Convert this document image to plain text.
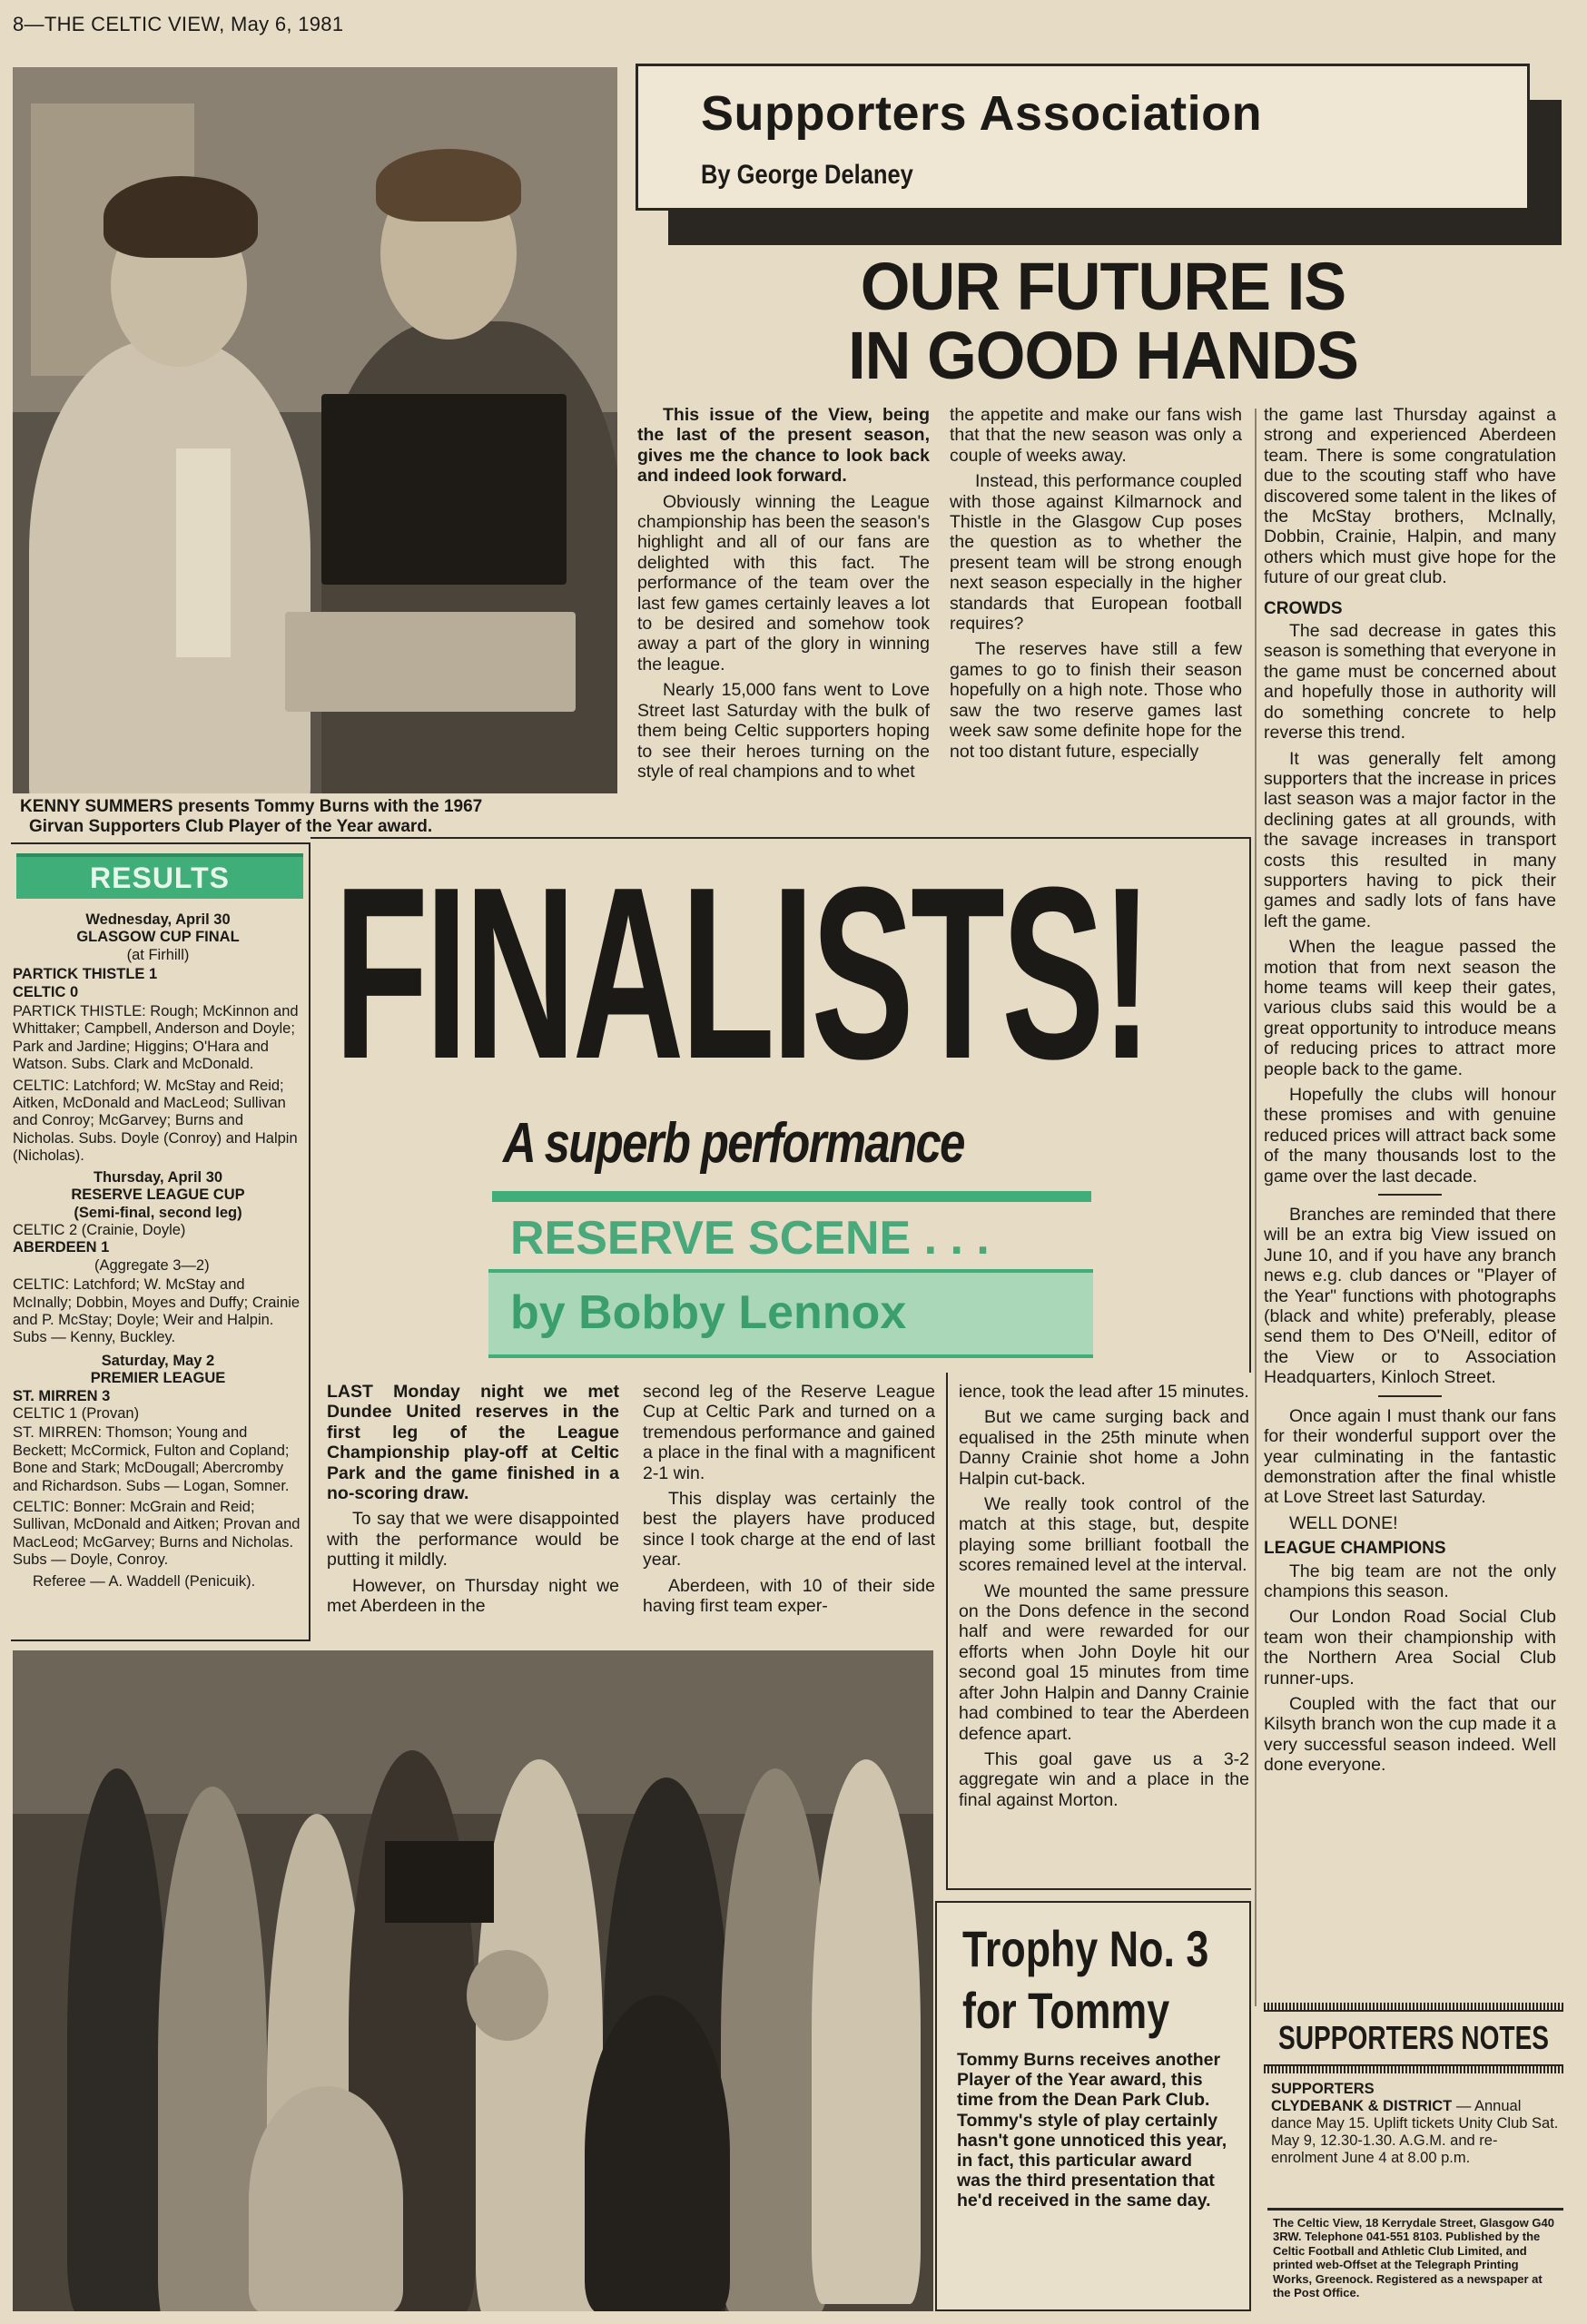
8—THE CELTIC VIEW, May 6, 1981
KENNY SUMMERS presents Tommy Burns with the 1967
Girvan Supporters Club Player of the Year award.
Supporters Association
By George Delaney
OUR FUTURE IS
IN GOOD HANDS

This issue of the View, being the last of the present season, gives me the chance to look back and indeed look forward.

Obviously winning the League championship has been the season's highlight and all of our fans are delighted with this fact. The performance of the team over the last few games certainly leaves a lot to be desired and somehow took away a part of the glory in winning the league.

Nearly 15,000 fans went to Love Street last Saturday with the bulk of them being Celtic supporters hoping to see their heroes turning on the style of real champions and to whet

the appetite and make our fans wish that that the new season was only a couple of weeks away.

Instead, this performance coupled with those against Kilmarnock and Thistle in the Glasgow Cup poses the question as to whether the present team will be strong enough next season especially in the higher standards that European football requires?

The reserves have still a few games to go to finish their season hopefully on a high note. Those who saw the two reserve games last week saw some definite hope for the not too distant future, especially

the game last Thursday against a strong and experienced Aberdeen team. There is some congratulation due to the scouting staff who have discovered some talent in the likes of the McStay brothers, McInally, Dobbin, Crainie, Halpin, and many others which must give hope for the future of our great club.

CROWDS

The sad decrease in gates this season is something that everyone in the game must be concerned about and hopefully those in authority will do something concrete to help reverse this trend.

It was generally felt among supporters that the increase in prices last season was a major factor in the declining gates at all grounds, with the savage increases in transport costs this resulted in many supporters having to pick their games and sadly lots of fans have left the game.

When the league passed the motion that from next season the home teams will keep their gates, various clubs said this would be a great opportunity to introduce means of reducing prices to attract more people back to the game.

Hopefully the clubs will honour these promises and with genuine reduced prices will attract back some of the many thousands lost to the game over the last decade.

Branches are reminded that there will be an extra big View issued on June 10, and if you have any branch news e.g. club dances or "Player of the Year" functions with photographs (black and white) preferably, please send them to Des O'Neill, editor of the View or to Association Headquarters, Kinloch Street.

Once again I must thank our fans for their wonderful support over the year culminating in the fantastic demonstration after the final whistle at Love Street last Saturday.

WELL DONE!

LEAGUE CHAMPIONS

The big team are not the only champions this season.

Our London Road Social Club team won their championship with the Northern Area Social Club runner-ups.

Coupled with the fact that our Kilsyth branch won the cup made it a very successful season indeed. Well done everyone.

RESULTS

Wednesday, April 30

GLASGOW CUP FINAL

(at Firhill)

PARTICK THISTLE 1

CELTIC 0

PARTICK THISTLE: Rough; McKinnon and Whittaker; Campbell, Anderson and Doyle; Park and Jardine; Higgins; O'Hara and Watson. Subs. Clark and McDonald.

CELTIC: Latchford; W. McStay and Reid; Aitken, McDonald and MacLeod; Sullivan and Conroy; McGarvey; Burns and Nicholas. Subs. Doyle (Conroy) and Halpin (Nicholas).

Thursday, April 30

RESERVE LEAGUE CUP

(Semi-final, second leg)

CELTIC 2 (Crainie, Doyle)

ABERDEEN 1

(Aggregate 3—2)

CELTIC: Latchford; W. McStay and McInally; Dobbin, Moyes and Duffy; Crainie and P. McStay; Doyle; Weir and Halpin. Subs — Kenny, Buckley.

Saturday, May 2

PREMIER LEAGUE

ST. MIRREN 3

CELTIC 1 (Provan)

ST. MIRREN: Thomson; Young and Beckett; McCormick, Fulton and Copland; Bone and Stark; McDougall; Abercromby and Richardson. Subs — Logan, Somner.

CELTIC: Bonner: McGrain and Reid; Sullivan, McDonald and Aitken; Provan and MacLeod; McGarvey; Burns and Nicholas. Subs — Doyle, Conroy.

Referee — A. Waddell (Penicuik).

FINALISTS!
A superb performance
RESERVE SCENE . . .
by Bobby Lennox

LAST Monday night we met Dundee United reserves in the first leg of the League Championship play-off at Celtic Park and the game finished in a no-scoring draw.

To say that we were disappointed with the performance would be putting it mildly.

However, on Thursday night we met Aberdeen in the

second leg of the Reserve League Cup at Celtic Park and turned on a tremendous performance and gained a place in the final with a magnificent 2-1 win.

This display was certainly the best the players have produced since I took charge at the end of last year.

Aberdeen, with 10 of their side having first team exper-

ience, took the lead after 15 minutes.

But we came surging back and equalised in the 25th minute when Danny Crainie shot home a John Halpin cut-back.

We really took control of the match at this stage, but, despite playing some brilliant football the scores remained level at the interval.

We mounted the same pressure on the Dons defence in the second half and were rewarded for our efforts when John Doyle hit our second goal 15 minutes from time after John Halpin and Danny Crainie had combined to tear the Aberdeen defence apart.

This goal gave us a 3-2 aggregate win and a place in the final against Morton.

Trophy No. 3
for Tommy
Tommy Burns receives another Player of the Year award, this time from the Dean Park Club. Tommy's style of play certainly hasn't gone unnoticed this year, in fact, this particular award was the third presentation that he'd received in the same day.
SUPPORTERS NOTES
SUPPORTERS
CLYDEBANK & DISTRICT — Annual dance May 15. Uplift tickets Unity Club Sat. May 9, 12.30-1.30. A.G.M. and re-enrolment June 4 at 8.00 p.m.
The Celtic View, 18 Kerrydale Street, Glasgow G40 3RW. Telephone 041-551 8103. Published by the Celtic Football and Athletic Club Limited, and printed web-Offset at the Telegraph Printing Works, Greenock. Registered as a newspaper at the Post Office.
